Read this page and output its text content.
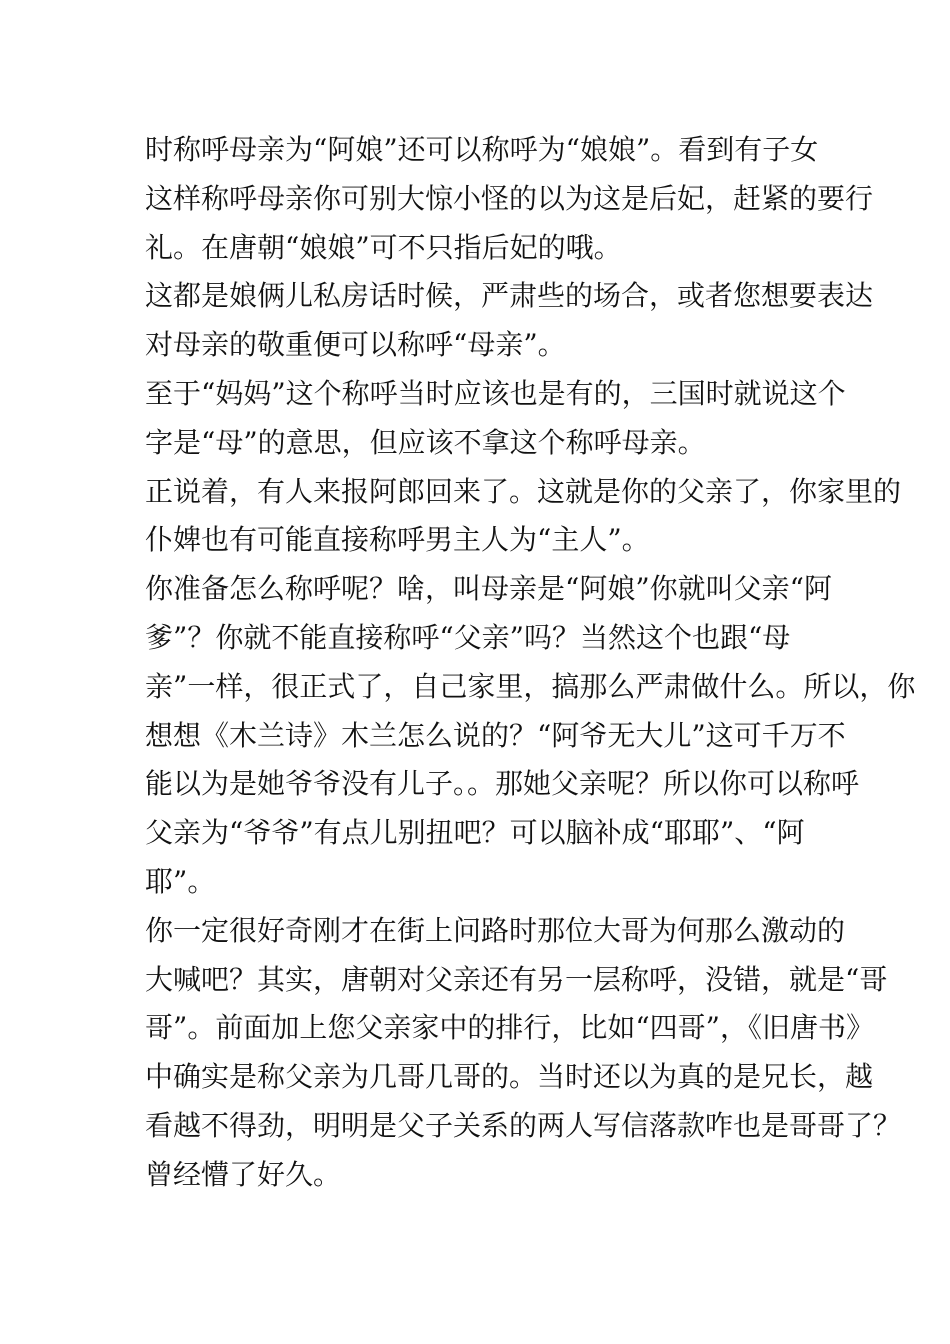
时称呼母亲为“阿娘”还可以称呼为“娘娘”。看到有子女
这样称呼母亲你可别大惊小怪的以为这是后妃，赶紧的要行
礼。在唐朝“娘娘”可不只指后妃的哦。
这都是娘俩儿私房话时候，严肃些的场合，或者您想要表达
对母亲的敬重便可以称呼“母亲”。
至于“妈妈”这个称呼当时应该也是有的，三国时就说这个
字是“母”的意思，但应该不拿这个称呼母亲。
正说着，有人来报阿郎回来了。这就是你的父亲了，你家里的
仆婢也有可能直接称呼男主人为“主人”。
你准备怎么称呼呢？啥，叫母亲是“阿娘”你就叫父亲“阿
爹”？你就不能直接称呼“父亲”吗？当然这个也跟“母
亲”一样，很正式了，自己家里，搞那么严肃做什么。所以，你
想想《木兰诗》木兰怎么说的？“阿爷无大儿”这可千万不
能以为是她爷爷没有儿子。。那她父亲呢？所以你可以称呼
父亲为“爷爷”有点儿别扭吧？可以脑补成“耶耶”、“阿
耶”。
你一定很好奇刚才在街上问路时那位大哥为何那么激动的
大喊吧？其实，唐朝对父亲还有另一层称呼，没错，就是“哥
哥”。前面加上您父亲家中的排行，比如“四哥”，《旧唐书》
中确实是称父亲为几哥几哥的。当时还以为真的是兄长，越
看越不得劲，明明是父子关系的两人写信落款咋也是哥哥了？
曾经懵了好久。
